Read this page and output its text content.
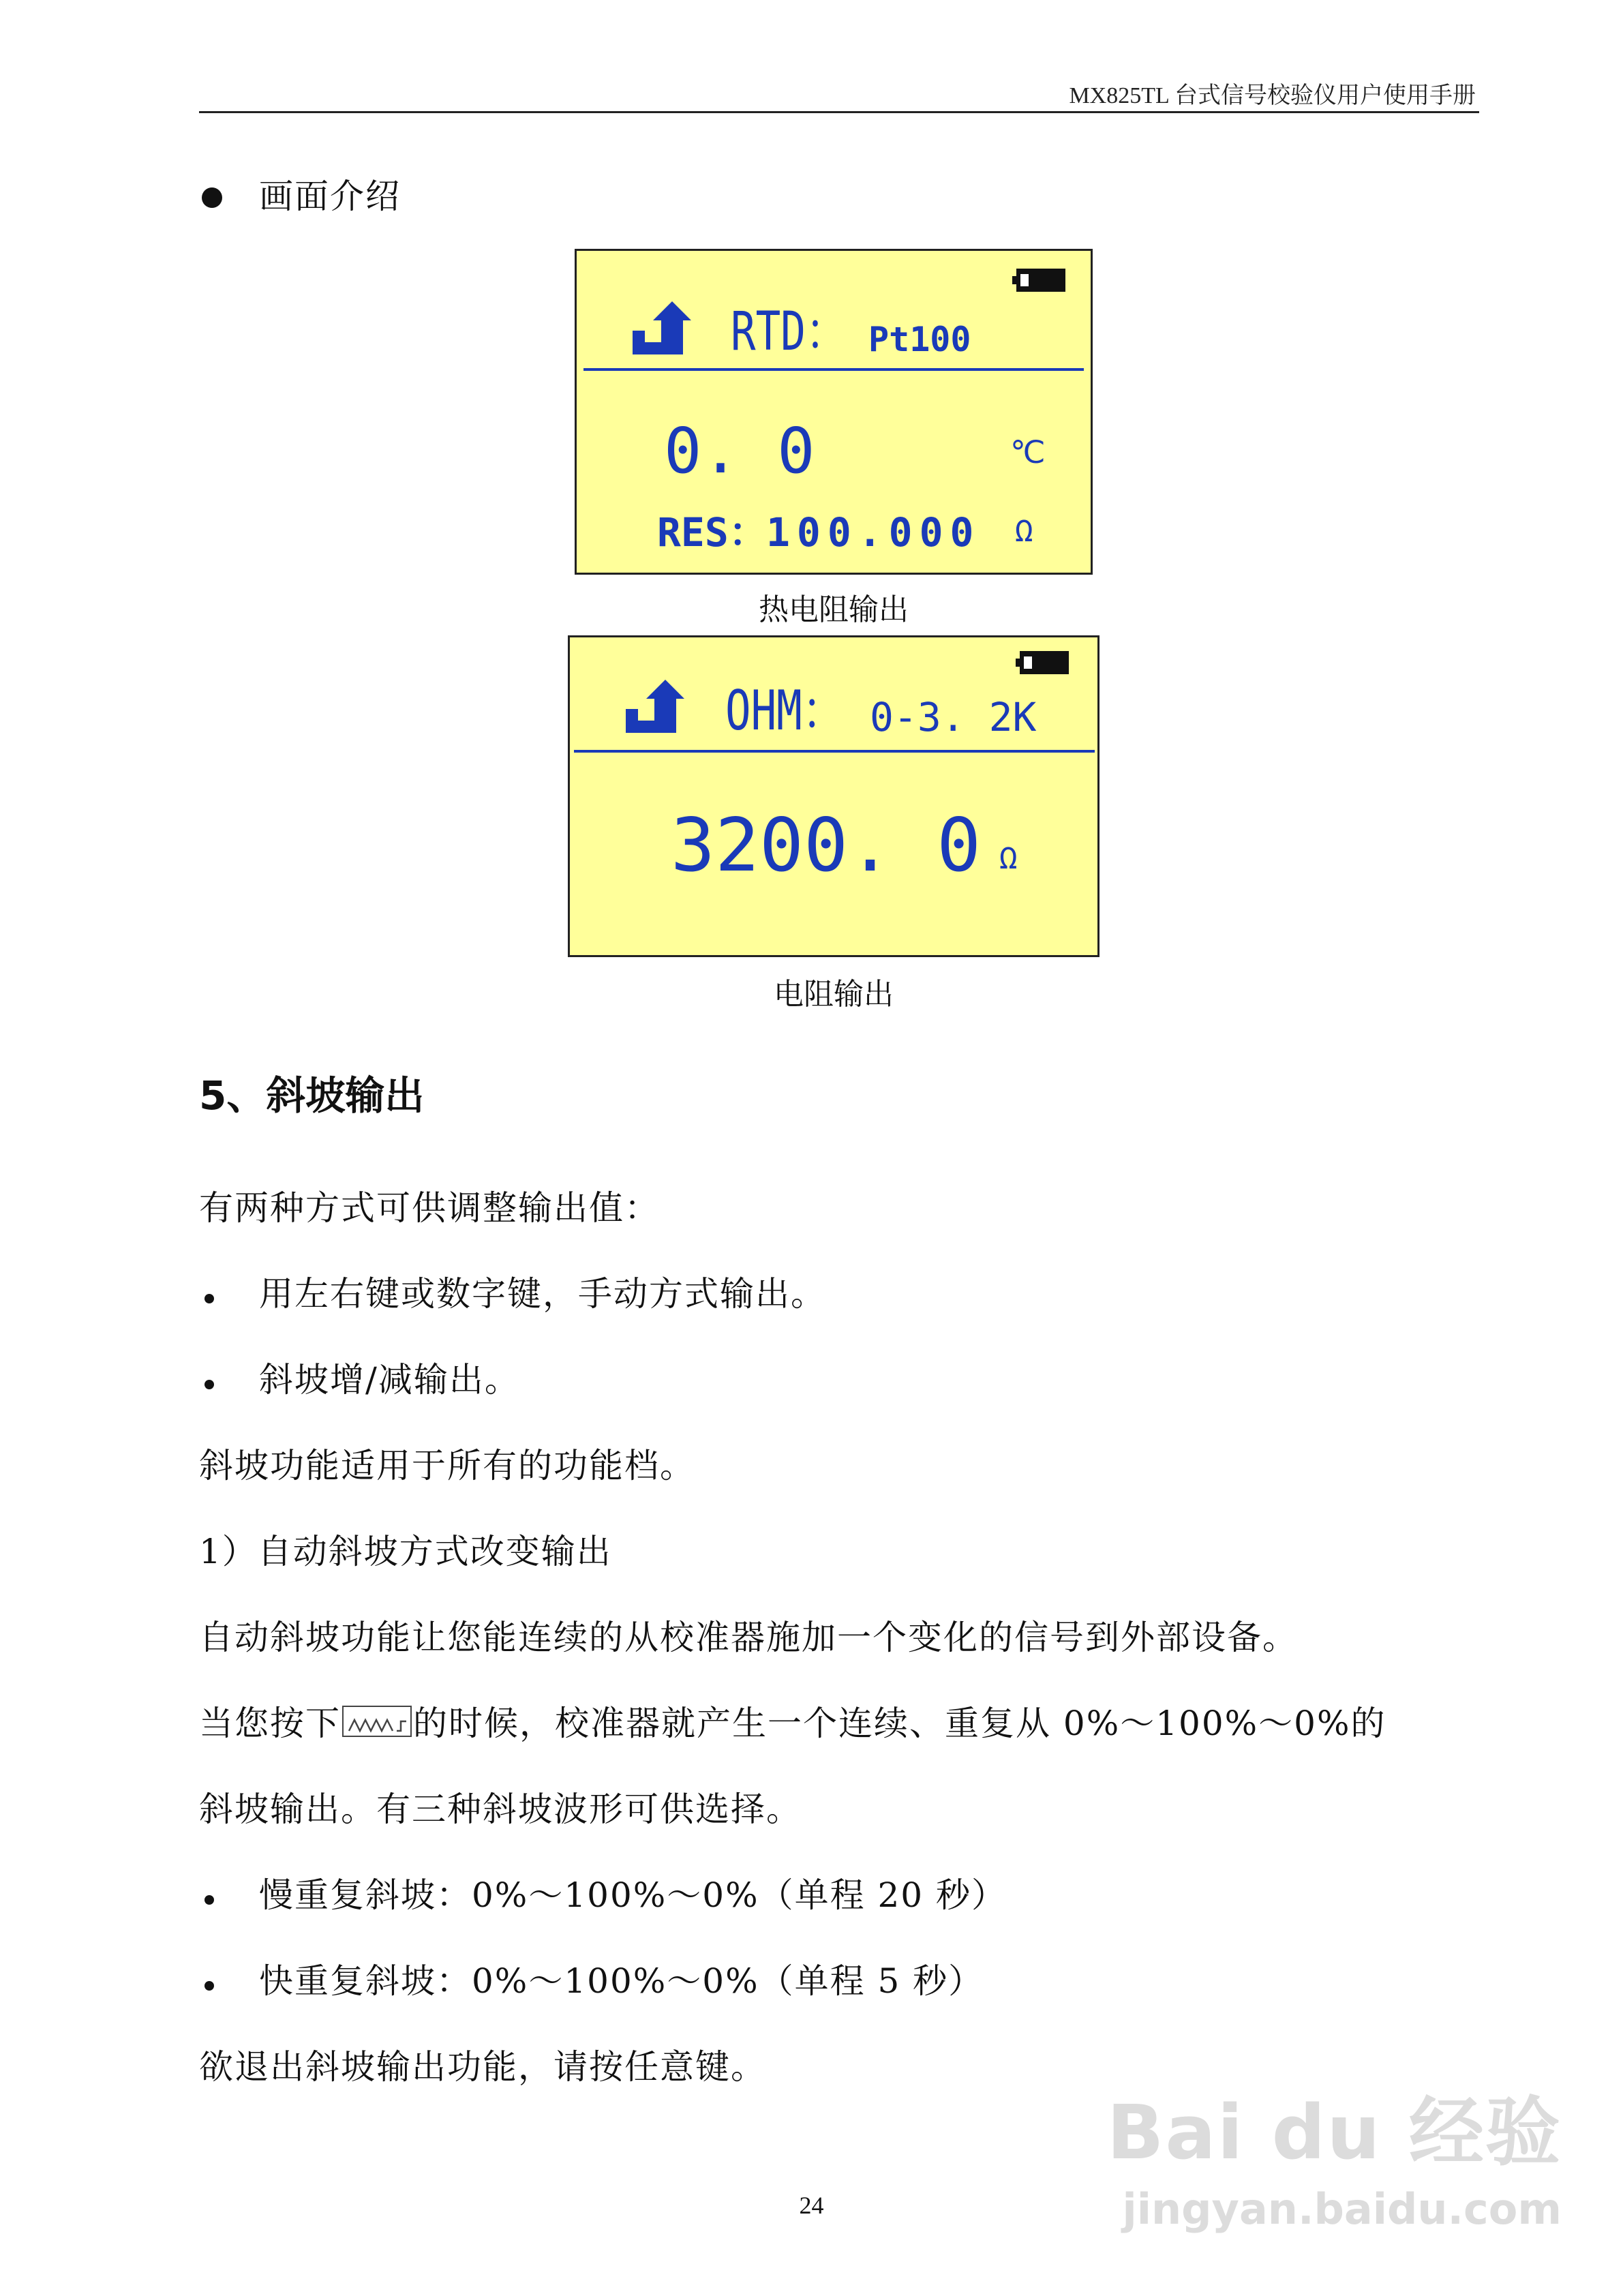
MX825TL 台式信号校验仪用户使用手册
画面介绍
RTD： Pt100
0. 0	℃
RES：
100.000 Ω
热电阻输出
OHM： 0-3. 2K
3200. 0 Ω
电阻输出
5、斜坡输出
有两种方式可供调整输出值：
用左右键或数字键，手动方式输出。
斜坡增/减输出。
斜坡功能适用于所有的功能档。
1）自动斜坡方式改变输出
自动斜坡功能让您能连续的从校准器施加一个变化的信号到外部设备。
当您按下 的时候，校准器就产生一个连续、重复从 0%～100%～0%的
斜坡输出。有三种斜坡波形可供选择。
慢重复斜坡：0%～100%～0%（单程 20 秒）
快重复斜坡：0%～100%～0%（单程 5 秒）
欲退出斜坡输出功能，请按任意键。
Bai du 经验
jingyan.baidu.com
24
